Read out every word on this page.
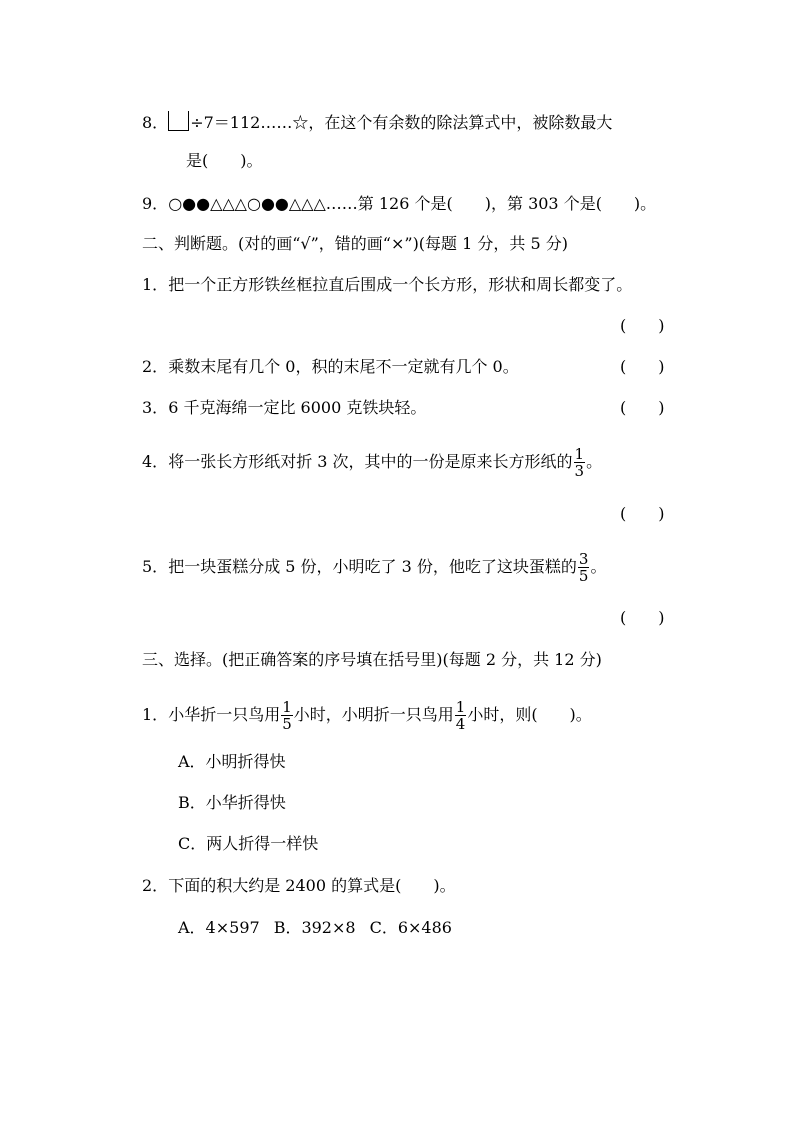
8． ÷7＝112……☆，在这个有余数的除法算式中，被除数最大
是(　　)。
9．○●●△△△○●●△△△……第 126 个是(　　)，第 303 个是(　　)。
二、判断题。(对的画“√”，错的画“×”)(每题 1 分，共 5 分)
1．把一个正方形铁丝框拉直后围成一个长方形，形状和周长都变了。
(　　)
2．乘数末尾有几个 0，积的末尾不一定就有几个 0。	(　　)
3．6 千克海绵一定比 6000 克铁块轻。	(　　)
4．将一张长方形纸对折 3 次，其中的一份是原来长方形纸的 $\frac{1}{3}$ 。
(　　)
5．把一块蛋糕分成 5 份，小明吃了 3 份，他吃了这块蛋糕的 $\frac{3}{5}$ 。
(　　)
三、选择。(把正确答案的序号填在括号里)(每题 2 分，共 12 分)
1．小华折一只鸟用 $\frac{1}{5}$ 小时，小明折一只鸟用 $\frac{1}{4}$ 小时，则(　　)。
A．小明折得快
B．小华折得快
C．两人折得一样快
2．下面的积大约是 2400 的算式是(　　)。
A．4×597 B．392×8 C．6×486
